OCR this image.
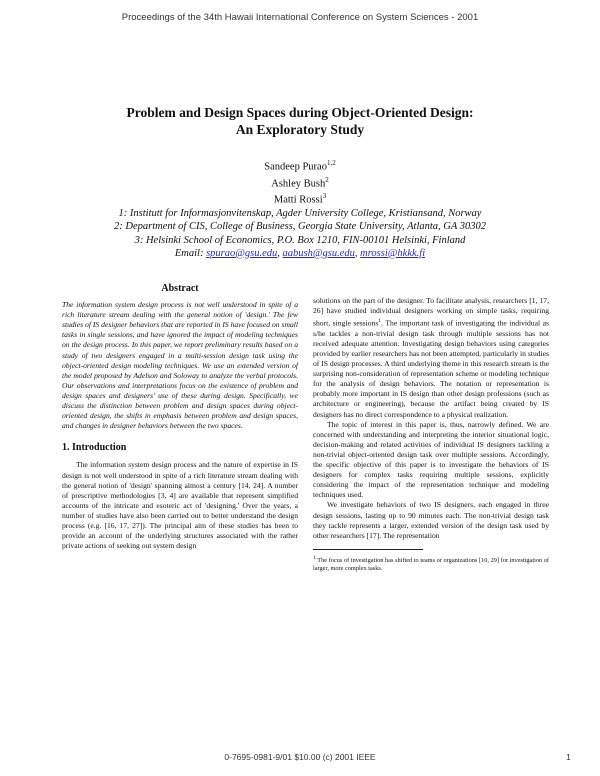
Proceedings of the 34th Hawaii International Conference on System Sciences - 2001
Problem and Design Spaces during Object-Oriented Design:
An Exploratory Study
Sandeep Purao$^{1,2}$
Ashley Bush$^2$
Matti Rossi$^3$
1: Institutt for Informasjonvitenskap, Agder University College, Kristiansand, Norway
2: Department of CIS, College of Business, Georgia State University, Atlanta, GA 30302
3: Helsinki School of Economics, P.O. Box 1210, FIN-00101 Helsinki, Finland
Email: spurao@gsu.edu, aabush@gsu.edu, mrossi@hkkk.fi

Abstract

The information system design process is not well understood in spite of a rich literature stream dealing with the general notion of 'design.' The few studies of IS designer behaviors that are reported in IS have focused on small tasks in single sessions, and have ignored the impact of modeling techniques on the design process. In this paper, we report preliminary results based on a study of two designers engaged in a multi-session design task using the object-oriented design modeling techniques. We use an extended version of the model proposed by Adelson and Soloway to analyze the verbal protocols. Our observations and interpretations focus on the existence of problem and design spaces and designers' use of these during design. Specifically, we discuss the distinction between problem and design spaces during object-oriented design, the shifts in emphasis between problem and design spaces, and changes in designer behaviors between the two spaces.

1. Introduction

The information system design process and the nature of expertise in IS design is not well understood in spite of a rich literature stream dealing with the general notion of 'design' spanning almost a century [14, 24]. A number of prescriptive methodologies [3, 4] are available that represent simplified accounts of the intricate and esoteric act of 'designing.' Over the years, a number of studies have also been carried out to better understand the design process (e.g. [16, 17, 27]). The principal aim of these studies has been to provide an account of the underlying structures associated with the rather private actions of seeking out system design

solutions on the part of the designer. To facilitate analysis, researchers [1, 17, 26] have studied individual designers working on simple tasks, requiring short, single sessions$^1$. The important task of investigating the individual as s/he tackles a non-trivial design task through multiple sessions has not received adequate attention. Investigating design behaviors using categories provided by earlier researchers has not been attempted, particularly in studies of IS design processes. A third underlying theme in this research stream is the surprising non-consideration of representation scheme or modeling technique for the analysis of design behaviors. The notation or representation is probably more important in IS design than other design professions (such as architecture or engineering), because the artifact being created by IS designers has no direct correspondence to a physical realization.

The topic of interest in this paper is, thus, narrowly defined. We are concerned with understanding and interpreting the interior situational logic, decision-making and related activities of individual IS designers tackling a non-trivial object-oriented design task over multiple sessions. Accordingly, the specific objective of this paper is to investigate the behaviors of IS designers for complex tasks requiring multiple sessions, explicitly considering the impact of the representation technique and modeling techniques used.

We investigate behaviors of two IS designers, each engaged in three design sessions, lasting up to 90 minutes each. The non-trivial design task they tackle represents a larger, extended version of the design task used by other researchers [17]. The representation

$^1$ The focus of investigation has shifted to teams or organizations [10, 29] for investigation of larger, more complex tasks.

0-7695-0981-9/01 $10.00 (c) 2001 IEEE	1
